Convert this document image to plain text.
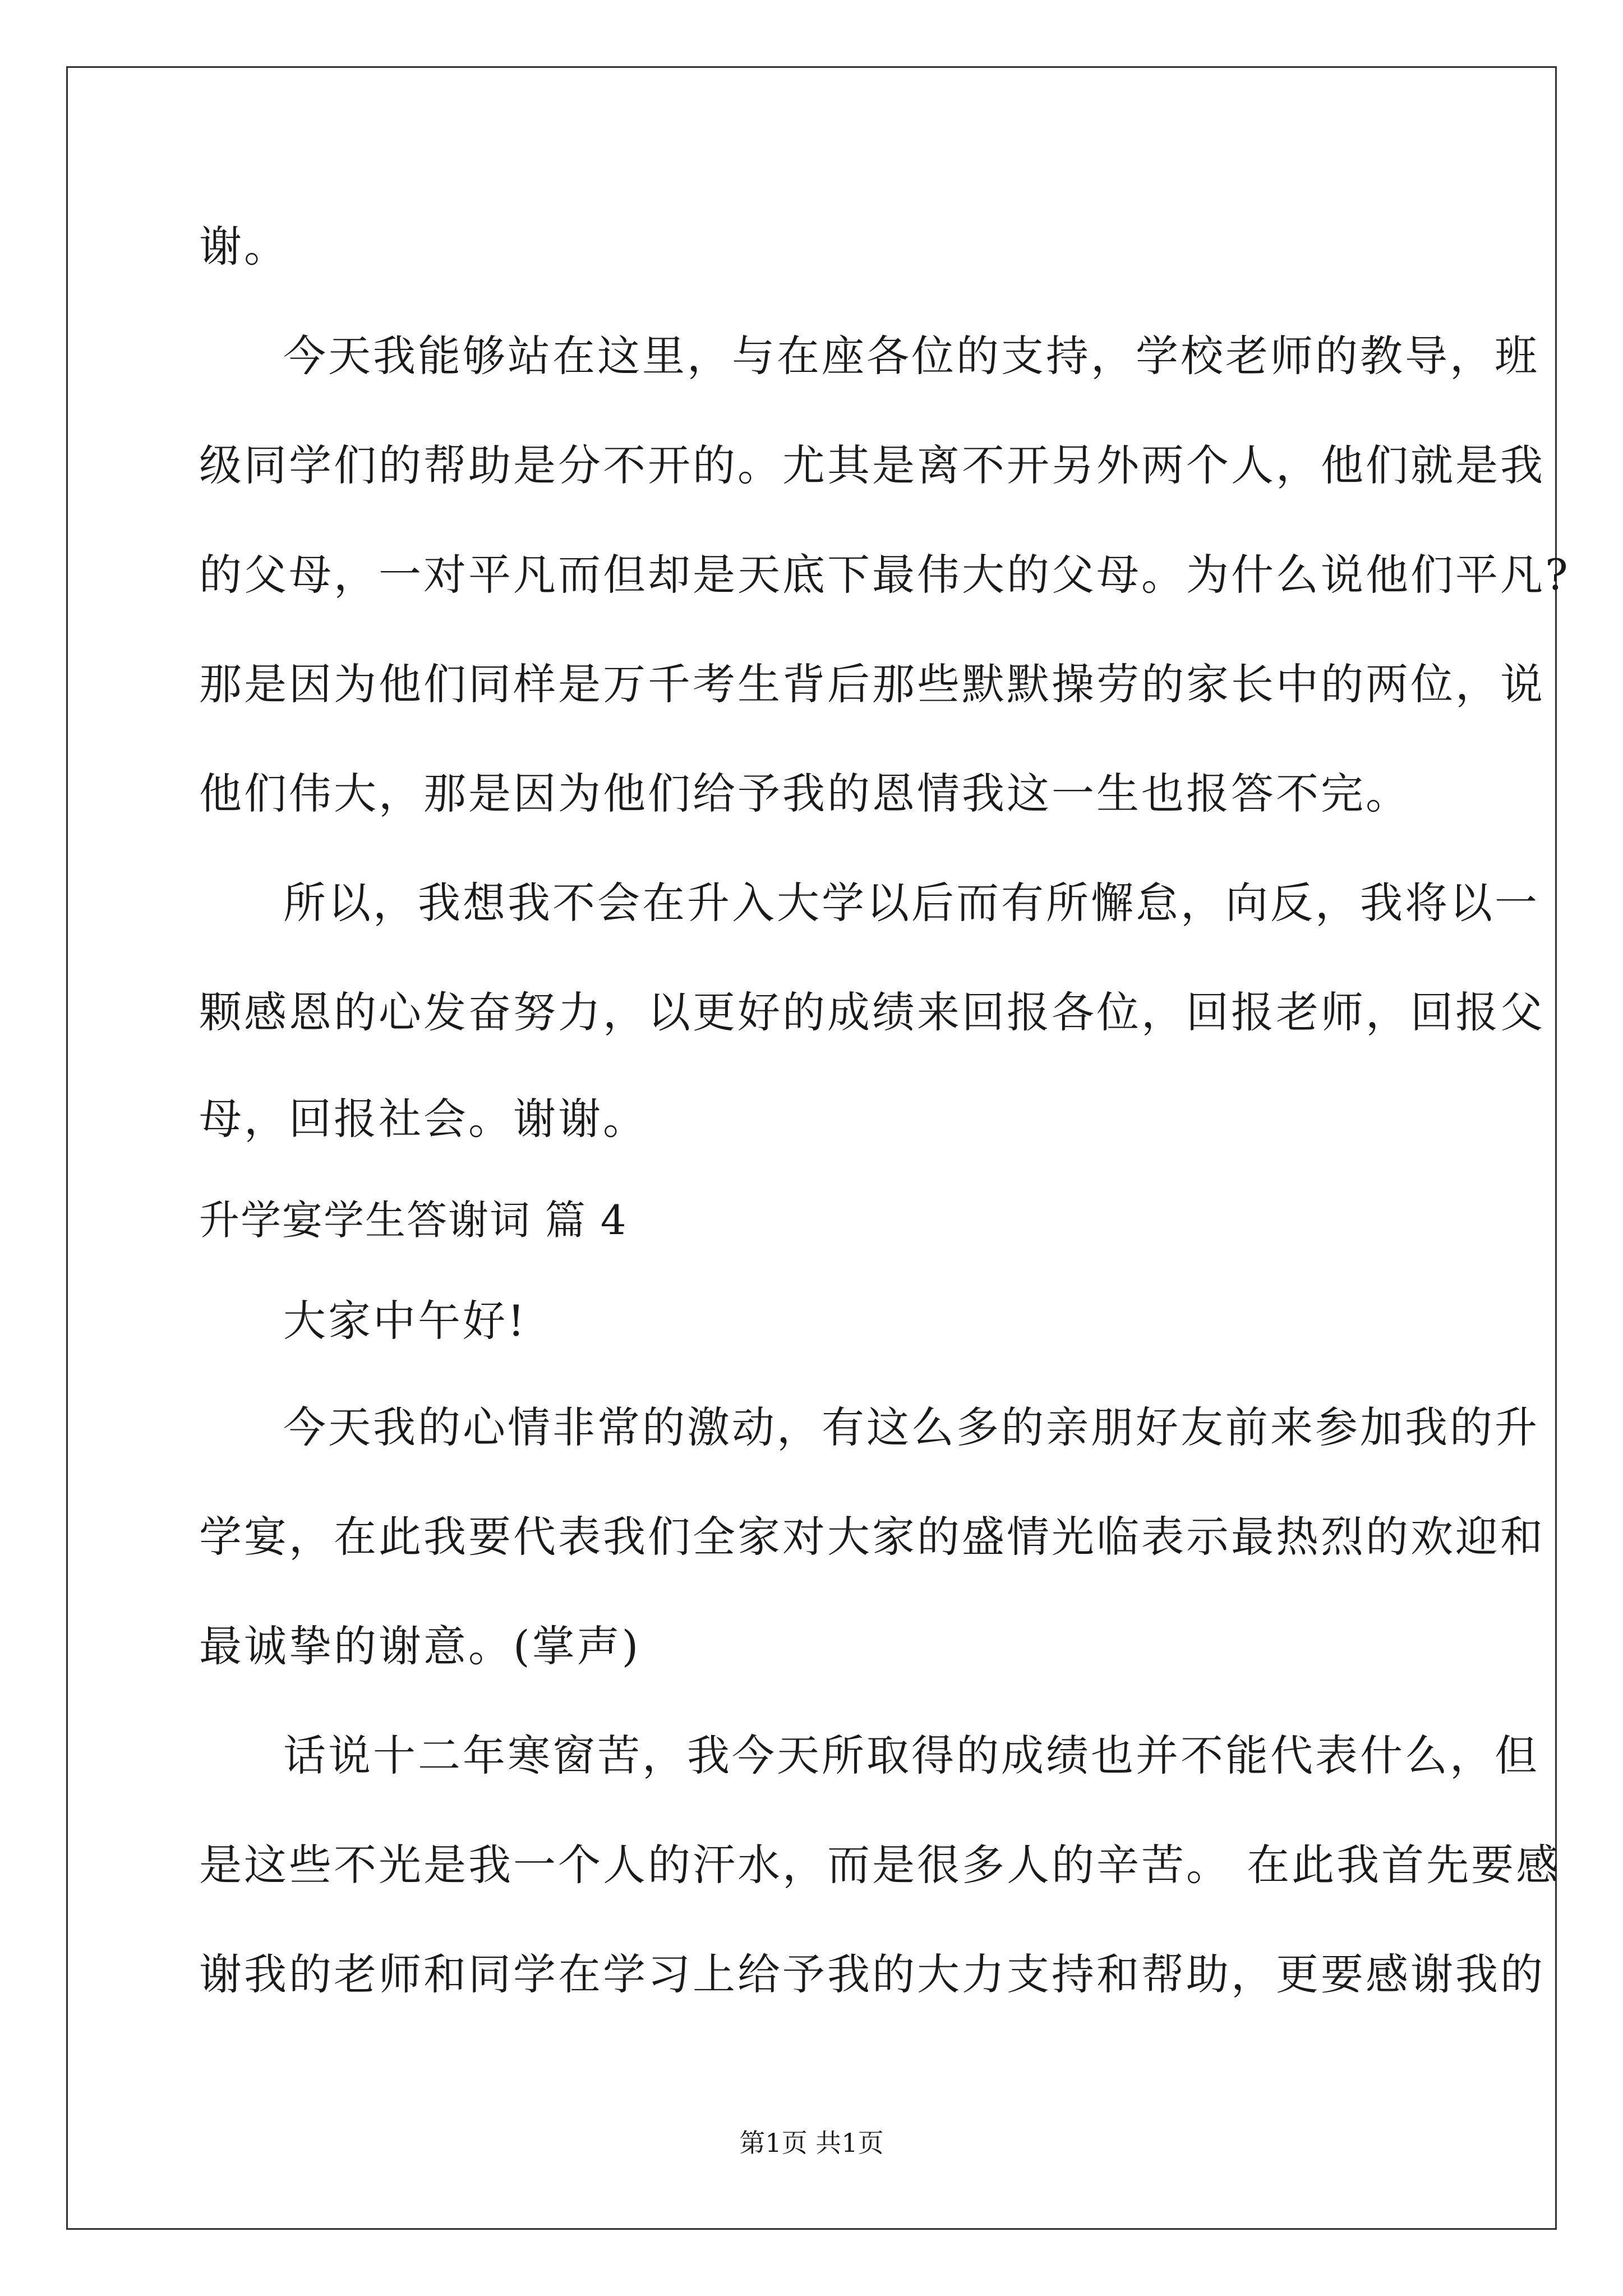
谢。
今天我能够站在这里，与在座各位的支持，学校老师的教导，班
级同学们的帮助是分不开的。尤其是离不开另外两个人，他们就是我
的父母，一对平凡而但却是天底下最伟大的父母。为什么说他们平凡?
那是因为他们同样是万千考生背后那些默默操劳的家长中的两位，说
他们伟大，那是因为他们给予我的恩情我这一生也报答不完。
所以，我想我不会在升入大学以后而有所懈怠，向反，我将以一
颗感恩的心发奋努力，以更好的成绩来回报各位，回报老师，回报父
母，回报社会。谢谢。
升学宴学生答谢词 篇 4
大家中午好!
今天我的心情非常的激动，有这么多的亲朋好友前来参加我的升
学宴，在此我要代表我们全家对大家的盛情光临表示最热烈的欢迎和
最诚挚的谢意。(掌声)
话说十二年寒窗苦，我今天所取得的成绩也并不能代表什么，但
是这些不光是我一个人的汗水，而是很多人的辛苦。 在此我首先要感
谢我的老师和同学在学习上给予我的大力支持和帮助，更要感谢我的
第1页 共1页
